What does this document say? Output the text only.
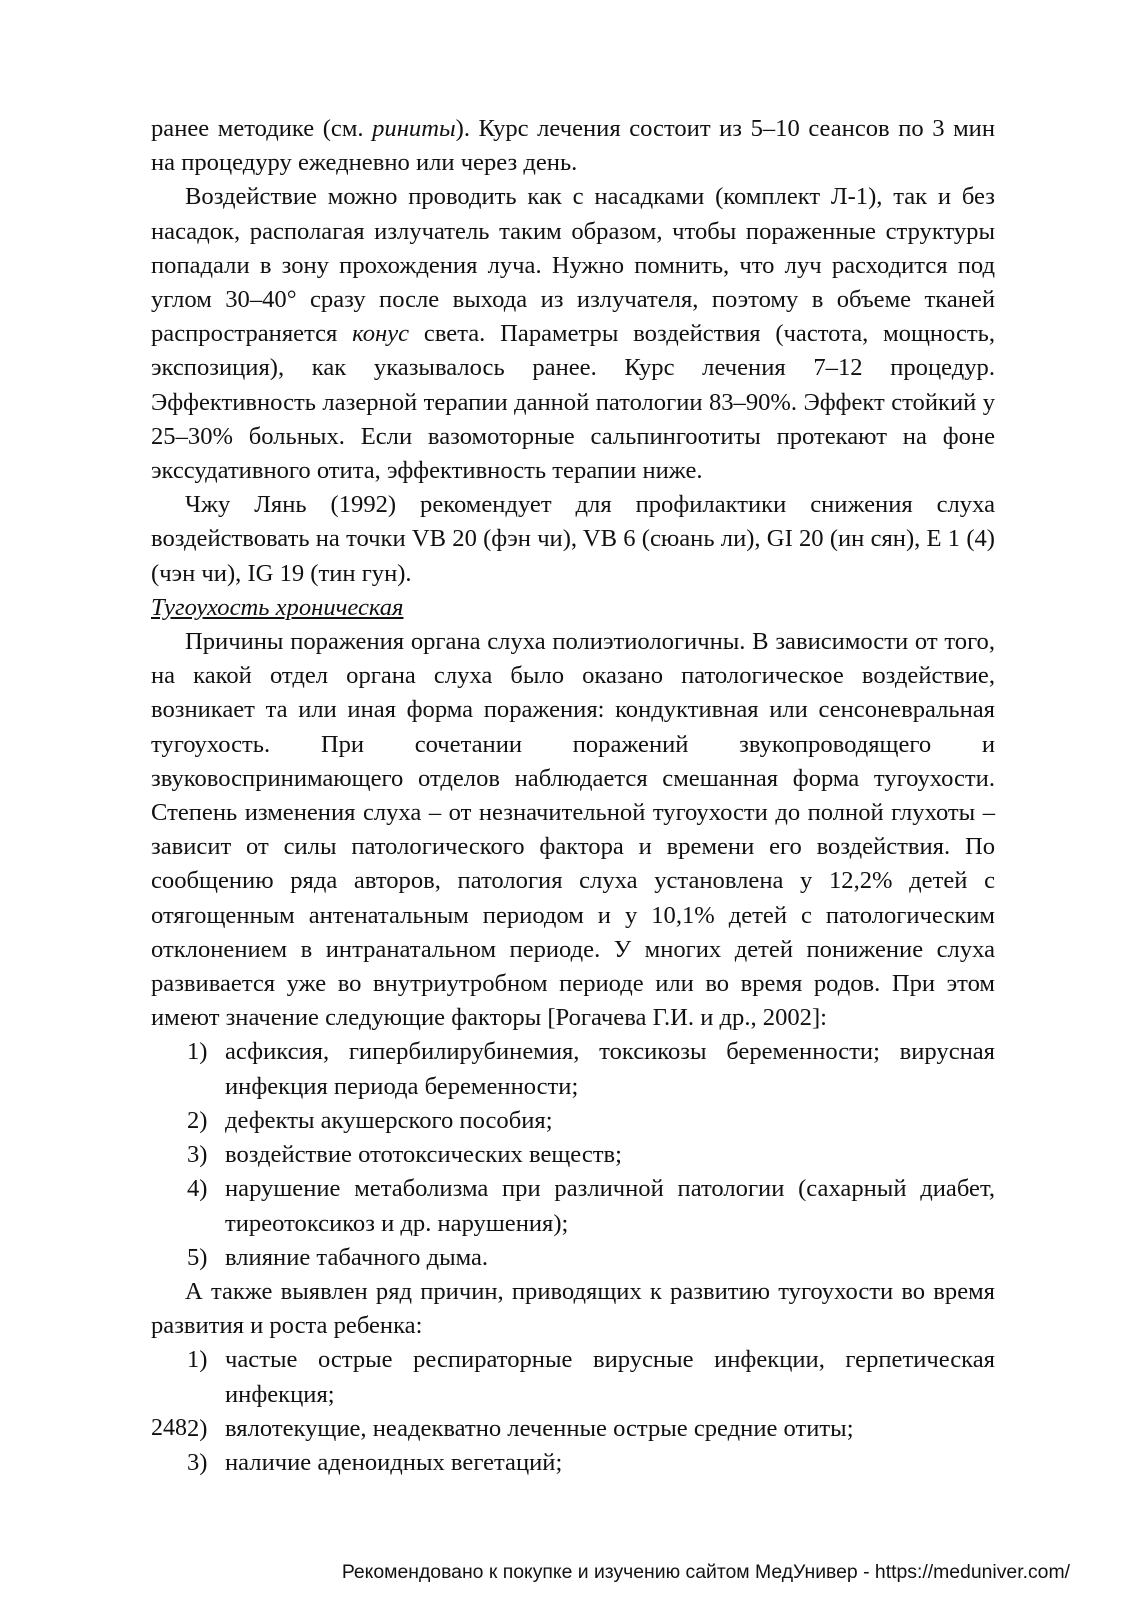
ранее методике (см. риниты). Курс лечения состоит из 5–10 сеансов по 3 мин на процедуру ежедневно или через день.

Воздействие можно проводить как с насадками (комплект Л-1), так и без насадок, располагая излучатель таким образом, чтобы пораженные структуры попадали в зону прохождения луча. Нужно помнить, что луч расходится под углом 30–40° сразу после выхода из излучателя, поэтому в объеме тканей распространяется конус света. Параметры воздействия (частота, мощность, экспозиция), как указывалось ранее. Курс лечения 7–12 процедур. Эффективность лазерной терапии данной патологии 83–90%. Эффект стойкий у 25–30% больных. Если вазомоторные сальпингоотиты протекают на фоне экссудативного отита, эффективность терапии ниже.

Чжу Лянь (1992) рекомендует для профилактики снижения слуха воздействовать на точки VB 20 (фэн чи), VB 6 (сюань ли), GI 20 (ин сян), E 1 (4) (чэн чи), IG 19 (тин гун).

Тугоухость хроническая

Причины поражения органа слуха полиэтиологичны. В зависимости от того, на какой отдел органа слуха было оказано патологическое воздействие, возникает та или иная форма поражения: кондуктивная или сенсоневральная тугоухость. При сочетании поражений звукопроводящего и звуковоспринимающего отделов наблюдается смешанная форма тугоухости. Степень изменения слуха – от незначительной тугоухости до полной глухоты – зависит от силы патологического фактора и времени его воздействия. По сообщению ряда авторов, патология слуха установлена у 12,2% детей с отягощенным антенатальным периодом и у 10,1% детей с патологическим отклонением в интранатальном периоде. У многих детей понижение слуха развивается уже во внутриутробном периоде или во время родов. При этом имеют значение следующие факторы [Рогачева Г.И. и др., 2002]:

1) асфиксия, гипербилирубинемия, токсикозы беременности; вирусная инфекция периода беременности;
2) дефекты акушерского пособия;
3) воздействие ототоксических веществ;
4) нарушение метаболизма при различной патологии (сахарный диабет, тиреотоксикоз и др. нарушения);
5) влияние табачного дыма.

А также выявлен ряд причин, приводящих к развитию тугоухости во время развития и роста ребенка:

1) частые острые респираторные вирусные инфекции, герпетическая инфекция;
2) вялотекущие, неадекватно леченные острые средние отиты;
3) наличие аденоидных вегетаций;
248
Рекомендовано к покупке и изучению сайтом МедУнивер - https://meduniver.com/
